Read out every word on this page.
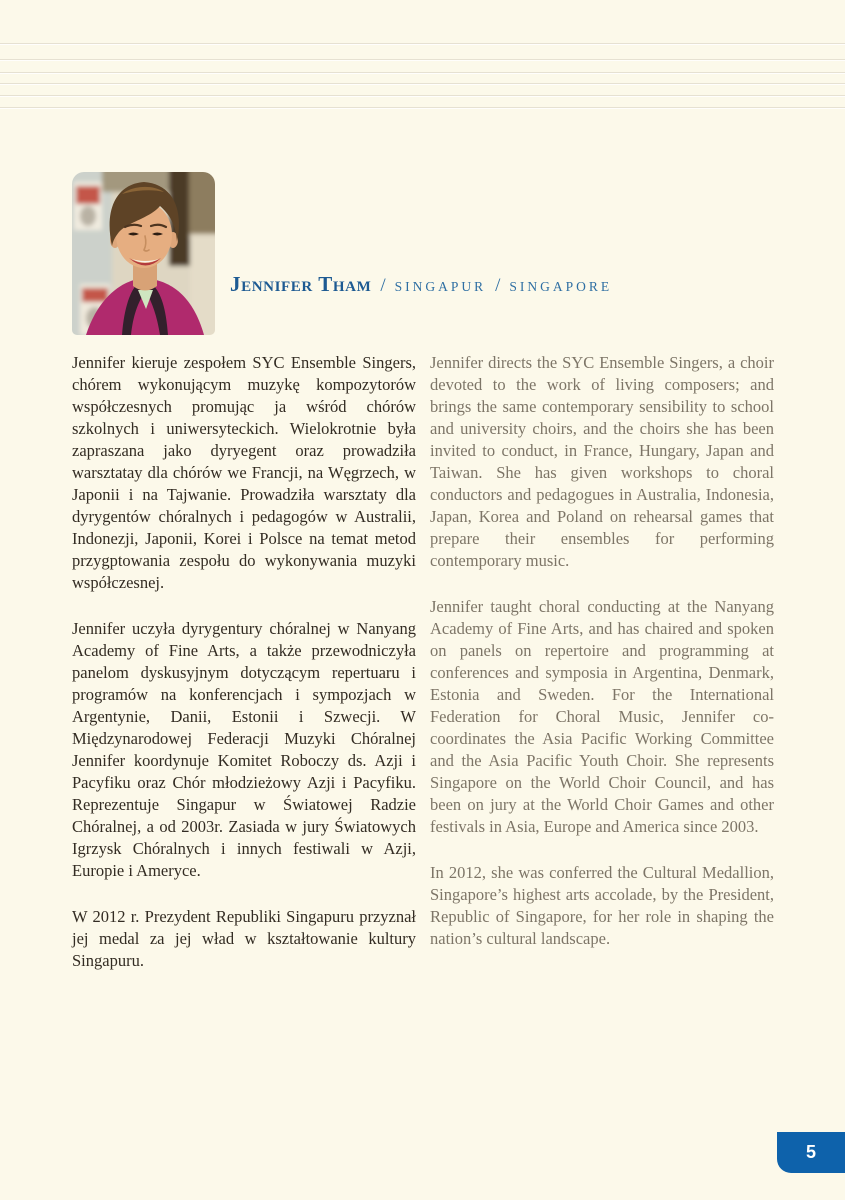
Jennifer Tham / SINGAPUR / SINGAPORE

Jennifer kieruje zespołem SYC Ensemble Singers, chórem wykonującym muzykę kompozytorów współczesnych promując ja wśród chórów szkolnych i uniwersyteckich. Wielokrotnie była zapraszana jako dyryegent oraz prowadziła warsztatay dla chórów we Francji, na Węgrzech, w Japonii i na Tajwanie. Prowadziła warsztaty dla dyrygentów chóralnych i pedagogów w Australii, Indonezji, Japonii, Korei i Polsce na temat metod przygptowania zespołu do wykonywania muzyki współczesnej.

Jennifer uczyła dyrygentury chóralnej w Nanyang Academy of Fine Arts, a także przewodniczyła panelom dyskusyjnym dotyczącym repertuaru i programów na konferencjach i sympozjach w Argentynie, Danii, Estonii i Szwecji. W Międzynarodowej Federacji Muzyki Chóralnej Jennifer koordynuje Komitet Roboczy ds. Azji i Pacyfiku oraz Chór młodzieżowy Azji i Pacyfiku. Reprezentuje Singapur w Światowej Radzie Chóralnej, a od 2003r. Zasiada w jury Światowych Igrzysk Chóralnych i innych festiwali w Azji, Europie i Ameryce.

W 2012 r. Prezydent Republiki Singapuru przyznał jej medal za jej wład w kształtowanie kultury Singapuru.

Jennifer directs the SYC Ensemble Singers, a choir devoted to the work of living composers; and brings the same contemporary sensibility to school and university choirs, and the choirs she has been invited to conduct, in France, Hungary, Japan and Taiwan. She has given workshops to choral conductors and pedagogues in Australia, Indonesia, Japan, Korea and Poland on rehearsal games that prepare their ensembles for performing contemporary music.

Jennifer taught choral conducting at the Nanyang Academy of Fine Arts, and has chaired and spoken on panels on repertoire and programming at conferences and symposia in Argentina, Denmark, Estonia and Sweden. For the International Federation for Choral Music, Jennifer co-coordinates the Asia Pacific Working Committee and the Asia Pacific Youth Choir. She represents Singapore on the World Choir Council, and has been on jury at the World Choir Games and other festivals in Asia, Europe and America since 2003.

In 2012, she was conferred the Cultural Medallion, Singapore’s highest arts accolade, by the President, Republic of Singapore, for her role in shaping the nation’s cultural landscape.

5
